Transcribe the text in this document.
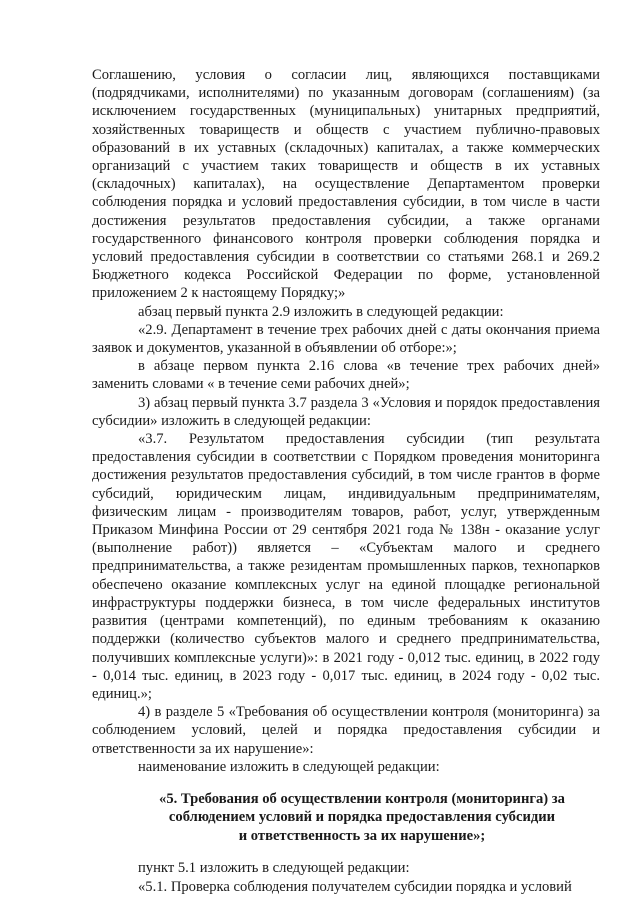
Соглашению, условия о согласии лиц, являющихся поставщиками (подрядчиками, исполнителями) по указанным договорам (соглашениям) (за исключением государственных (муниципальных) унитарных предприятий, хозяйственных товариществ и обществ с участием публично-правовых образований в их уставных (складочных) капиталах, а также коммерческих организаций с участием таких товариществ и обществ в их уставных (складочных) капиталах), на осуществление Департаментом проверки соблюдения порядка и условий предоставления субсидии, в том числе в части достижения результатов предоставления субсидии, а также органами государственного финансового контроля проверки соблюдения порядка и условий предоставления субсидии в соответствии со статьями 268.1 и 269.2 Бюджетного кодекса Российской Федерации по форме, установленной приложением 2 к настоящему Порядку;»

абзац первый пункта 2.9 изложить в следующей редакции:

«2.9. Департамент в течение трех рабочих дней с даты окончания приема заявок и документов, указанной в объявлении об отборе:»;

в абзаце первом пункта 2.16 слова «в течение трех рабочих дней» заменить словами « в течение семи рабочих дней»;

3) абзац первый пункта 3.7 раздела 3 «Условия и порядок предоставления субсидии» изложить в следующей редакции:

«3.7. Результатом предоставления субсидии (тип результата предоставления субсидии в соответствии с Порядком проведения мониторинга достижения результатов предоставления субсидий, в том числе грантов в форме субсидий, юридическим лицам, индивидуальным предпринимателям, физическим лицам - производителям товаров, работ, услуг, утвержденным Приказом Минфина России от 29 сентября 2021 года № 138н - оказание услуг (выполнение работ)) является – «Субъектам малого и среднего предпринимательства, а также резидентам промышленных парков, технопарков обеспечено оказание комплексных услуг на единой площадке региональной инфраструктуры поддержки бизнеса, в том числе федеральных институтов развития (центрами компетенций), по единым требованиям к оказанию поддержки (количество субъектов малого и среднего предпринимательства, получивших комплексные услуги)»: в 2021 году - 0,012 тыс. единиц, в 2022 году - 0,014 тыс. единиц, в 2023 году - 0,017 тыс. единиц, в 2024 году - 0,02 тыс. единиц.»;

4) в разделе 5 «Требования об осуществлении контроля (мониторинга) за соблюдением условий, целей и порядка предоставления субсидии и ответственности за их нарушение»:

наименование изложить в следующей редакции:

«5. Требования об осуществлении контроля (мониторинга) за
соблюдением условий и порядка предоставления субсидии
и ответственность за их нарушение»;

пункт 5.1 изложить в следующей редакции:

«5.1. Проверка соблюдения получателем субсидии порядка и условий
